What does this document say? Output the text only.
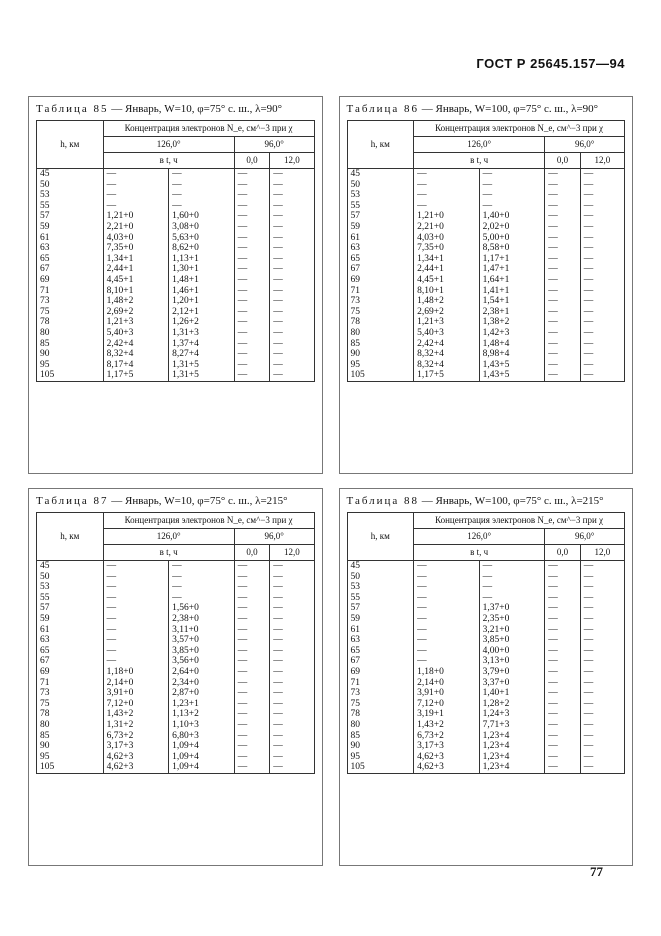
ГОСТ Р 25645.157—94
Таблица 85 — Январь, W=10, φ=75° с. ш., λ=90°
h, км	Концентрация электронов N_e, см^−3 при χ			
	126,0°		96,0°	
	в t, ч		0,0	12,0
45	—	—	—	—
50	—	—	—	—
53	—	—	—	—
55	—	—	—	—
57	1,21+0	1,60+0	—	—
59	2,21+0	3,08+0	—	—
61	4,03+0	5,63+0	—	—
63	7,35+0	8,62+0	—	—
65	1,34+1	1,13+1	—	—
67	2,44+1	1,30+1	—	—
69	4,45+1	1,48+1	—	—
71	8,10+1	1,46+1	—	—
73	1,48+2	1,20+1	—	—
75	2,69+2	2,12+1	—	—
78	1,21+3	1,26+2	—	—
80	5,40+3	1,31+3	—	—
85	2,42+4	1,37+4	—	—
90	8,32+4	8,27+4	—	—
95	8,17+4	1,31+5	—	—
105	1,17+5	1,31+5	—	—
Таблица 86 — Январь, W=100, φ=75° с. ш., λ=90°
h, км	Концентрация электронов N_e, см^−3 при χ			
	126,0°		96,0°	
	в t, ч		0,0	12,0
45	—	—	—	—
50	—	—	—	—
53	—	—	—	—
55	—	—	—	—
57	1,21+0	1,40+0	—	—
59	2,21+0	2,02+0	—	—
61	4,03+0	5,00+0	—	—
63	7,35+0	8,58+0	—	—
65	1,34+1	1,17+1	—	—
67	2,44+1	1,47+1	—	—
69	4,45+1	1,64+1	—	—
71	8,10+1	1,41+1	—	—
73	1,48+2	1,54+1	—	—
75	2,69+2	2,38+1	—	—
78	1,21+3	1,38+2	—	—
80	5,40+3	1,42+3	—	—
85	2,42+4	1,48+4	—	—
90	8,32+4	8,98+4	—	—
95	8,32+4	1,43+5	—	—
105	1,17+5	1,43+5	—	—
Таблица 87 — Январь, W=10, φ=75° с. ш., λ=215°
h, км	Концентрация электронов N_e, см^−3 при χ			
	126,0°		96,0°	
	в t, ч		0,0	12,0
45	—	—	—	—
50	—	—	—	—
53	—	—	—	—
55	—	—	—	—
57	—	1,56+0	—	—
59	—	2,38+0	—	—
61	—	3,11+0	—	—
63	—	3,57+0	—	—
65	—	3,85+0	—	—
67	—	3,56+0	—	—
69	1,18+0	2,64+0	—	—
71	2,14+0	2,34+0	—	—
73	3,91+0	2,87+0	—	—
75	7,12+0	1,23+1	—	—
78	1,43+2	1,13+2	—	—
80	1,31+2	1,10+3	—	—
85	6,73+2	6,80+3	—	—
90	3,17+3	1,09+4	—	—
95	4,62+3	1,09+4	—	—
105	4,62+3	1,09+4	—	—
Таблица 88 — Январь, W=100, φ=75° с. ш., λ=215°
h, км	Концентрация электронов N_e, см^−3 при χ			
	126,0°		96,0°	
	в t, ч		0,0	12,0
45	—	—	—	—
50	—	—	—	—
53	—	—	—	—
55	—	—	—	—
57	—	1,37+0	—	—
59	—	2,35+0	—	—
61	—	3,21+0	—	—
63	—	3,85+0	—	—
65	—	4,00+0	—	—
67	—	3,13+0	—	—
69	1,18+0	3,79+0	—	—
71	2,14+0	3,37+0	—	—
73	3,91+0	1,40+1	—	—
75	7,12+0	1,28+2	—	—
78	3,19+1	1,24+3	—	—
80	1,43+2	7,71+3	—	—
85	6,73+2	1,23+4	—	—
90	3,17+3	1,23+4	—	—
95	4,62+3	1,23+4	—	—
105	4,62+3	1,23+4	—	—
77
